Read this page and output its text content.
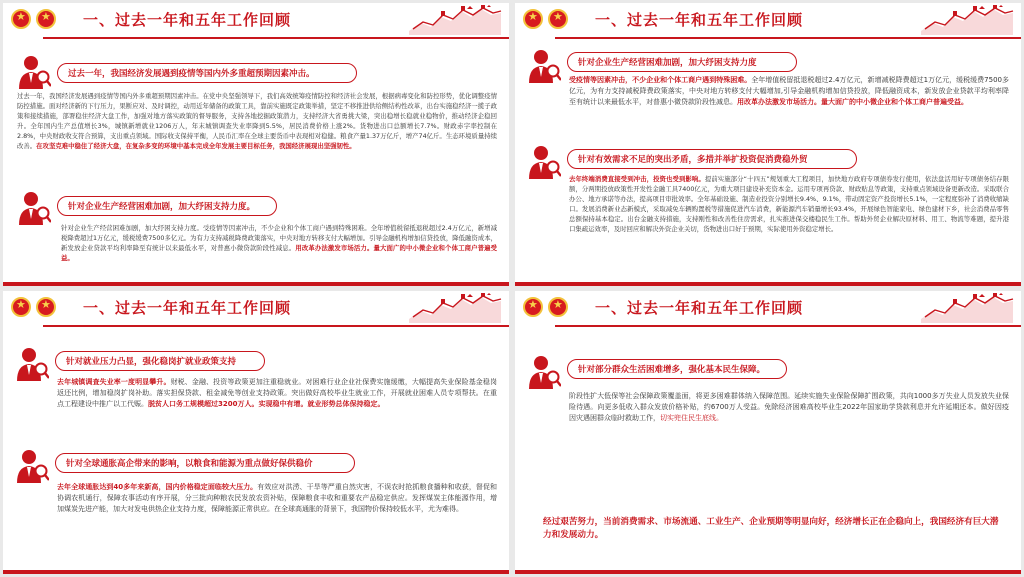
★
★
一、过去一年和五年工作回顾
过去一年，我国经济发展遇到疫情等国内外多重超预期因素冲击。
过去一年，我国经济发展遇到疫情等国内外多重超预期因素冲击。在党中央坚强领导下，我们高效统筹疫情防控和经济社会发展，根据病毒变化和防控形势，优化调整疫情防控措施。面对经济新的下行压力，果断应对、及时调控，动用近年储备的政策工具，靠前实施既定政策举措，坚定不移推进供给侧结构性改革，出台实施稳经济一揽子政策和接续措施，部署稳住经济大盘工作，加强对地方落实政策的督导服务，支持各地挖掘政策潜力，支持经济大省勇挑大梁，突出稳增长稳就业稳物价，推动经济企稳回升。全年国内生产总值增长3%，城镇新增就业1206万人，年末城镇调查失业率降到5.5%，居民消费价格上涨2%。货物进出口总额增长7.7%。财政赤字率控制在2.8%，中央财政收支符合预算，支出重点领域。国际收支保持平衡，人民币汇率在全球主要货币中表现相对稳健。粮食产量1.37万亿斤，增产74亿斤。生态环境质量持续改善。在攻坚克难中稳住了经济大盘，在复杂多变的环境中基本完成全年发展主要目标任务，我国经济展现出坚强韧性。
针对企业生产经营困难加剧，加大纾困支持力度。
针对企业生产经营困难加剧，加大纾困支持力度。受疫情等因素冲击，不少企业和个体工商户遇到特殊困难。全年增值税留抵退税超过2.4万亿元，新增减税降费超过1万亿元，缓税缓费7500多亿元。为有力支持减税降费政策落实，中央对地方转移支付大幅增加。引导金融机构增加信贷投放，降低融资成本，新发放企业贷款平均利率降至有统计以来最低水平，对普惠小微贷款阶段性减息。用改革办法激发市场活力。量大面广的中小微企业和个体工商户普遍受益。
★
★
一、过去一年和五年工作回顾
针对企业生产经营困难加剧，加大纾困支持力度
受疫情等因素冲击，不少企业和个体工商户遇到特殊困难。全年增值税留抵退税超过2.4万亿元，新增减税降费超过1万亿元，缓税缓费7500多亿元，为有力支持减税降费政策落实，中央对地方转移支付大幅增加,引导金融机构增加信贷投放，降低融资成本，新发放企业贷款平均利率降至有统计以来最低水平，对普惠小微贷款阶段性减息。用改革办法激发市场活力。量大面广的中小微企业和个体工商户普遍受益。
针对有效需求不足的突出矛盾，多措并举扩投资促消费稳外贸
去年终端消费直接受到冲击，投资也受到影响。提前实施部分“十四五”规划重大工程项目，加快地方政府专项债券发行使用，依法盘活用好专项债务结存限额，分两期投放政策性开发性金融工具7400亿元，为重大项目建设补充资本金。运用专项再贷款、财政贴息等政策，支持重点领域设备更新改造。采取联合办公、地方承诺等办法，提高项目审批效率。全年基础设施、制造业投资分别增长9.4%、9.1%，带动固定资产投资增长5.1%，一定程度弥补了消费收缩缺口。发展消费新业态新模式，采取减免车辆购置税等措施促进汽车消费，新能源汽车销量增长93.4%，开展绿色智能家电、绿色建材下乡，社会消费品零售总额保持基本稳定。出台金融支持措施，支持刚性和改善性住房需求，扎实推进保交楼稳民生工作。帮助外贸企业解决原材料、用工、物流等难题，提升港口集疏运效率，及时回应和解决外资企业关切，货物进出口好于预期，实际使用外资稳定增长。
★
★
一、过去一年和五年工作回顾
针对就业压力凸显，强化稳岗扩就业政策支持
去年城镇调查失业率一度明显攀升。财税、金融、投资等政策更加注重稳就业。对困难行业企业社保费实施缓缴，大幅提高失业保险基金稳岗返还比例，增加稳岗扩岗补助。落实担保贷款、租金减免等创业支持政策。突出做好高校毕业生就业工作，开展就业困难人员专项帮扶。在重点工程建设中推广以工代赈。脱贫人口务工规模超过3200万人。实现稳中有增。就业形势总体保持稳定。
针对全球通胀高企带来的影响，以粮食和能源为重点做好保供稳价
去年全球通胀达到40多年来新高，国内价格稳定面临较大压力。有效应对洪涝、干旱等严重自然灾害，不误农时抢抓粮食播种和收获，督促和协调农机通行，保障农事活动有序开展，分三批向种粮农民发放农资补贴，保障粮食丰收和重要农产品稳定供应。发挥煤炭主体能源作用，增加煤炭先进产能，加大对发电供热企业支持力度，保障能源正常供应。在全球高通胀的背景下，我国物价保持较低水平，尤为难得。
★
★
一、过去一年和五年工作回顾
针对部分群众生活困难增多，强化基本民生保障。
阶段性扩大低保等社会保障政策覆盖面，将更多困难群体纳入保障范围。延续实施失业保险保障扩围政策，共向1000多万失业人员发放失业保险待遇。向更多低收入群众发放价格补贴，约6700万人受益。免除经济困难高校毕业生2022年国家助学贷款利息并允许延期还本。做好因疫因灾遇困群众临时救助工作，切实兜住民生底线。
经过艰苦努力，当前消费需求、市场流通、工业生产、企业预期等明显向好，经济增长正在企稳向上，我国经济有巨大潜力和发展动力。
